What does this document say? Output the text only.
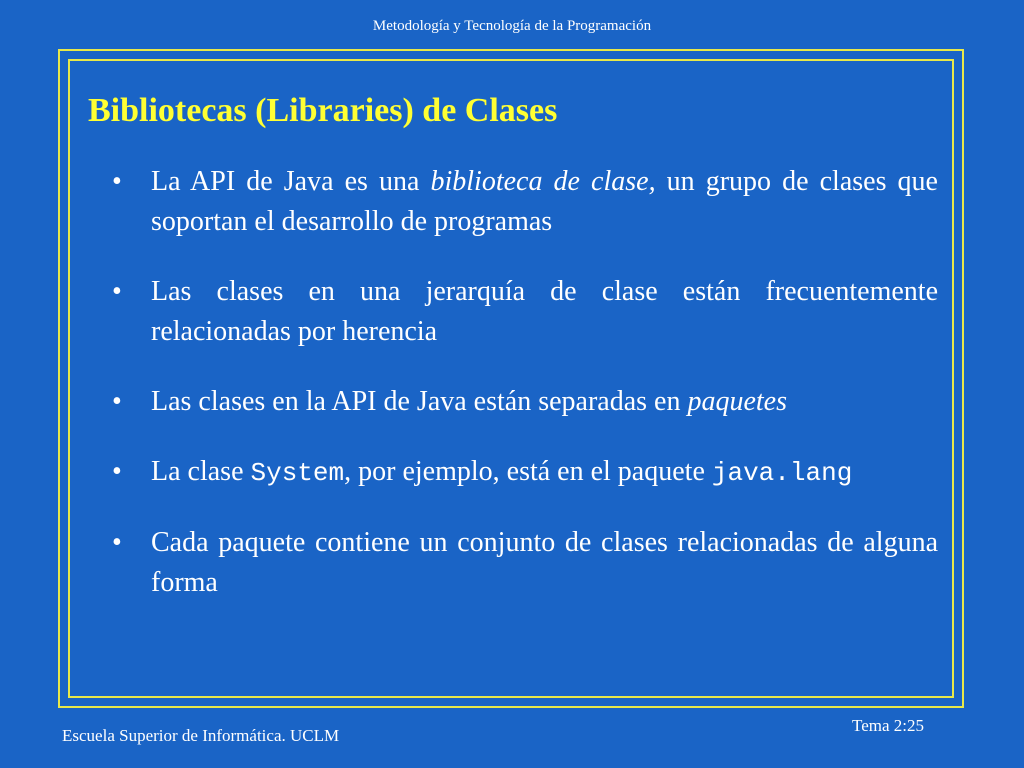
Metodología y Tecnología de la Programación
Bibliotecas (Libraries) de Clases
•	La API de Java es una biblioteca de clase, un grupo de clases que soportan el desarrollo de programas
•	Las clases en una jerarquía de clase están frecuentemente relacionadas por herencia
•	Las clases en la API de Java están separadas en paquetes
•	La clase System, por ejemplo, está en el paquete java.lang
•	Cada paquete contiene un conjunto de clases relacionadas de alguna forma
Escuela Superior de Informática. UCLM
Tema 2:25
